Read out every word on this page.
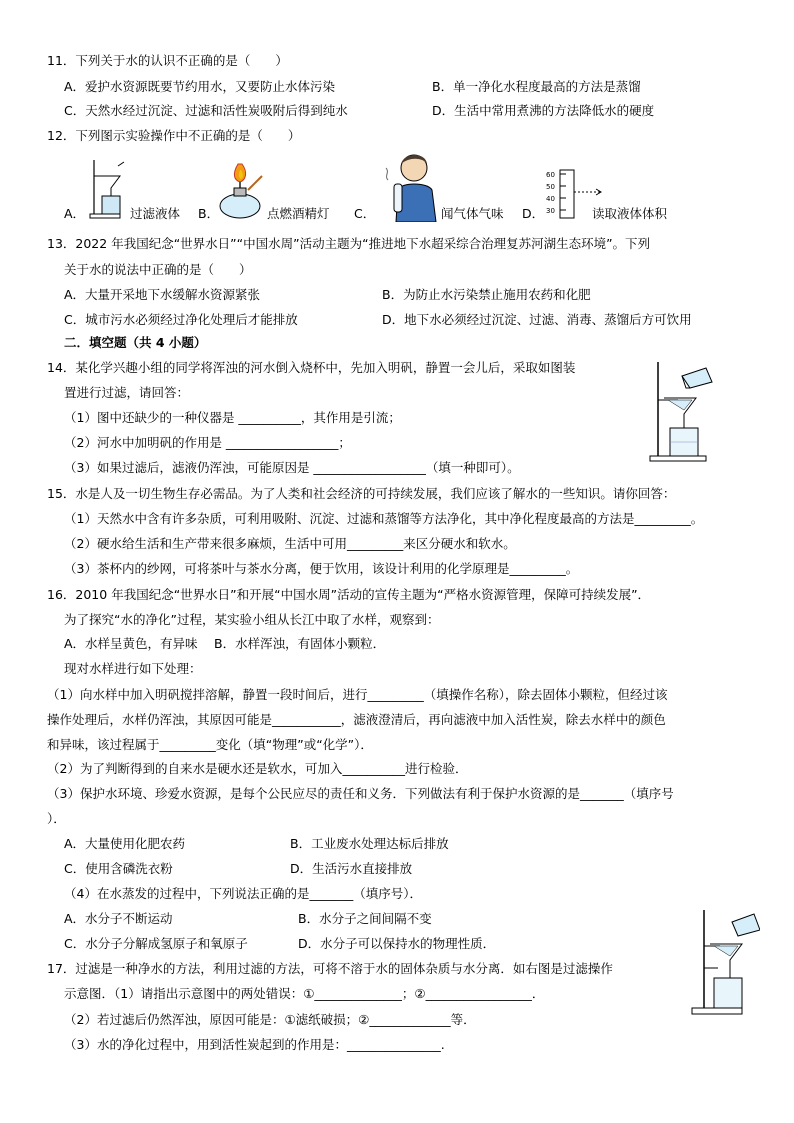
11．下列关于水的认识不正确的是（　　）
A．爱护水资源既要节约用水，又要防止水体污染	B．单一净化水程度最高的方法是蒸馏
C．天然水经过沉淀、过滤和活性炭吸附后得到纯水	D．生活中常用煮沸的方法降低水的硬度
12．下列图示实验操作中不正确的是（　　）
A．	过滤液体 B．	点燃酒精灯 C．	闻气体气味 D．
60
50
40
30	读取液体体积
13．2022 年我国纪念“世界水日”“中国水周”活动主题为“推进地下水超采综合治理复苏河湖生态环境”。下列
关于水的说法中正确的是（　　）
A．大量开采地下水缓解水资源紧张	B．为防止水污染禁止施用农药和化肥
C．城市污水必须经过净化处理后才能排放	D．地下水必须经过沉淀、过滤、消毒、蒸馏后方可饮用
二．填空题（共 4 小题）
14．某化学兴趣小组的同学将浑浊的河水倒入烧杯中，先加入明矾，静置一会儿后，采取如图装
置进行过滤，请回答：
（1）图中还缺少的一种仪器是 __________，其作用是引流；
（2）河水中加明矾的作用是 __________________；
（3）如果过滤后，滤液仍浑浊，可能原因是 __________________（填一种即可）。
15．水是人及一切生物生存必需品。为了人类和社会经济的可持续发展，我们应该了解水的一些知识。请你回答：
（1）天然水中含有许多杂质，可利用吸附、沉淀、过滤和蒸馏等方法净化，其中净化程度最高的方法是_________。
（2）硬水给生活和生产带来很多麻烦，生活中可用_________来区分硬水和软水。
（3）茶杯内的纱网，可将茶叶与茶水分离，便于饮用，该设计利用的化学原理是_________。
16．2010 年我国纪念“世界水日”和开展“中国水周”活动的宣传主题为“严格水资源管理，保障可持续发展”．
为了探究“水的净化”过程，某实验小组从长江中取了水样，观察到：
A．水样呈黄色，有异味　 B．水样浑浊，有固体小颗粒．
现对水样进行如下处理：
（1）向水样中加入明矾搅拌溶解，静置一段时间后，进行_________（填操作名称），除去固体小颗粒，但经过该
操作处理后，水样仍浑浊，其原因可能是___________，滤液澄清后，再向滤液中加入活性炭，除去水样中的颜色
和异味，该过程属于_________变化（填“物理”或“化学”）．
（2）为了判断得到的自来水是硬水还是软水，可加入__________进行检验．
（3）保护水环境、珍爱水资源，是每个公民应尽的责任和义务．下列做法有利于保护水资源的是_______（填序号
）．
A．大量使用化肥农药	B．工业废水处理达标后排放
C．使用含磷洗衣粉	D．生活污水直接排放
（4）在水蒸发的过程中，下列说法正确的是_______（填序号）．
A．水分子不断运动	B．水分子之间间隔不变
C．水分子分解成氢原子和氧原子	D．水分子可以保持水的物理性质．
17．过滤是一种净水的方法，利用过滤的方法，可将不溶于水的固体杂质与水分离．如右图是过滤操作
示意图．（1）请指出示意图中的两处错误：①______________；②_________________．
（2）若过滤后仍然浑浊，原因可能是：①滤纸破损；②_____________等．
（3）水的净化过程中，用到活性炭起到的作用是：_______________.
